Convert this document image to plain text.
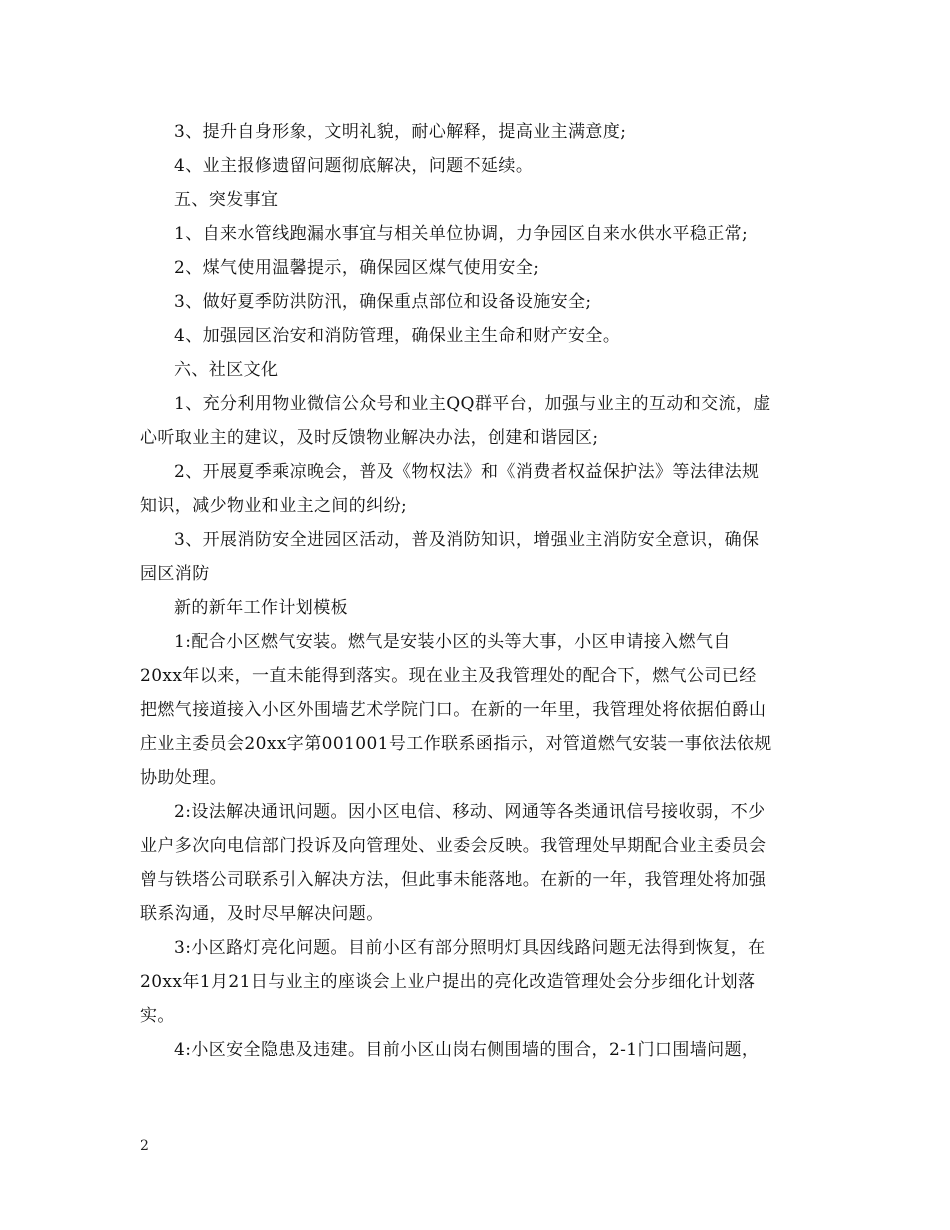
3、提升自身形象，文明礼貌，耐心解释，提高业主满意度;
4、业主报修遗留问题彻底解决，问题不延续。
五、突发事宜
1、自来水管线跑漏水事宜与相关单位协调，力争园区自来水供水平稳正常;
2、煤气使用温馨提示，确保园区煤气使用安全;
3、做好夏季防洪防汛，确保重点部位和设备设施安全;
4、加强园区治安和消防管理，确保业主生命和财产安全。
六、社区文化
1、充分利用物业微信公众号和业主QQ群平台，加强与业主的互动和交流，虚
心听取业主的建议，及时反馈物业解决办法，创建和谐园区;
2、开展夏季乘凉晚会，普及《物权法》和《消费者权益保护法》等法律法规
知识，减少物业和业主之间的纠纷;
3、开展消防安全进园区活动，普及消防知识，增强业主消防安全意识，确保
园区消防
新的新年工作计划模板
1:配合小区燃气安装。燃气是安装小区的头等大事，小区申请接入燃气自
20xx年以来，一直未能得到落实。现在业主及我管理处的配合下，燃气公司已经
把燃气接道接入小区外围墙艺术学院门口。在新的一年里，我管理处将依据伯爵山
庄业主委员会20xx字第001001号工作联系函指示，对管道燃气安装一事依法依规
协助处理。
2:设法解决通讯问题。因小区电信、移动、网通等各类通讯信号接收弱，不少
业户多次向电信部门投诉及向管理处、业委会反映。我管理处早期配合业主委员会
曾与铁塔公司联系引入解决方法，但此事未能落地。在新的一年，我管理处将加强
联系沟通，及时尽早解决问题。
3:小区路灯亮化问题。目前小区有部分照明灯具因线路问题无法得到恢复，在
20xx年1月21日与业主的座谈会上业户提出的亮化改造管理处会分步细化计划落
实。
4:小区安全隐患及违建。目前小区山岗右侧围墙的围合，2-1门口围墙问题，
2
